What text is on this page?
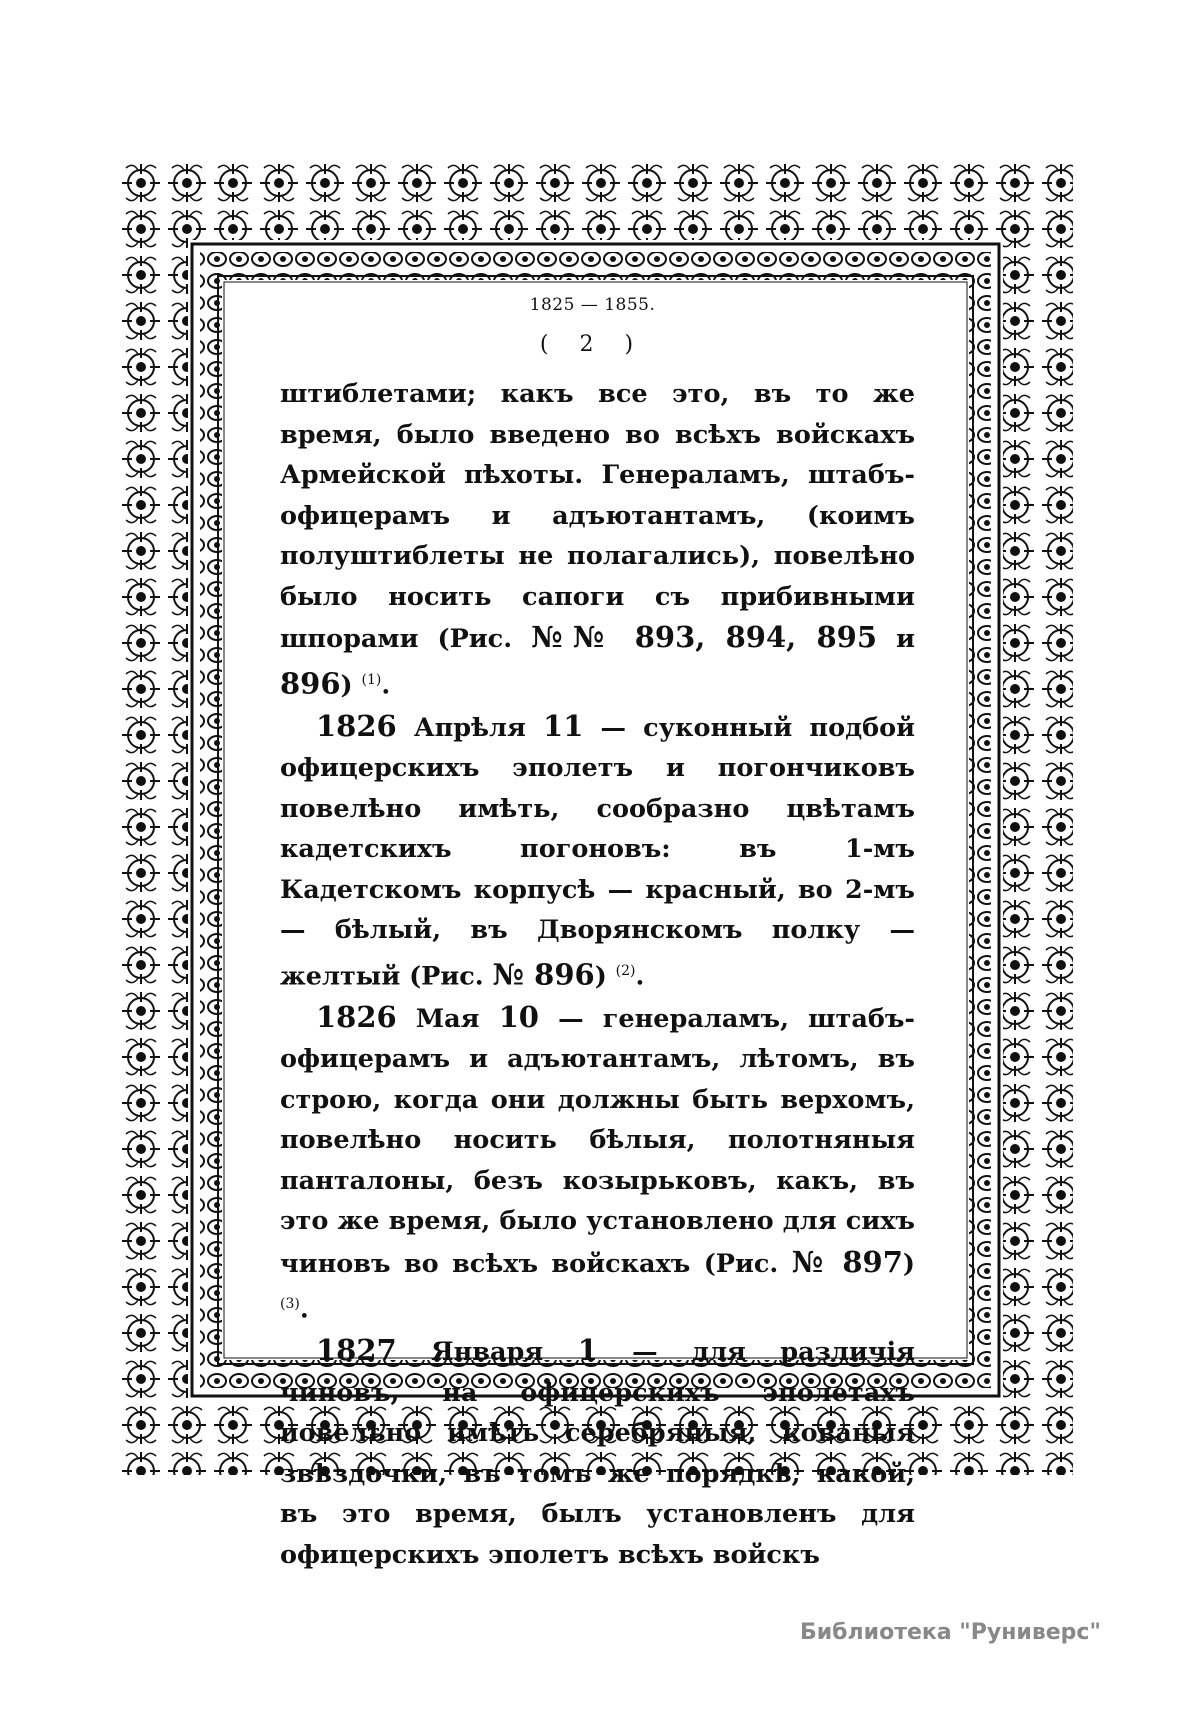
1825 — 1855.
( 2 )

штиблетами; какъ все это, въ то же время, было введено во всѣхъ войскахъ Армейской пѣхоты. Генераламъ, штабъ-офицерамъ и адъютантамъ, (коимъ полуштиблеты не полагались), повелѣно было носить сапоги съ прибивными шпорами (Рис. №№ 893, 894, 895 и 896) $^{(1)}$.

1826 Апрѣля 11 — суконный подбой офицерскихъ эполетъ и погончиковъ повелѣно имѣть, сообразно цвѣтамъ кадетскихъ погоновъ: въ 1-мъ Кадетскомъ корпусѣ — красный, во 2-мъ — бѣлый, въ Дворянскомъ полку — желтый (Рис. № 896) $^{(2)}$.

1826 Мая 10 — генераламъ, штабъ-офицерамъ и адъютантамъ, лѣтомъ, въ строю, когда они должны быть верхомъ, повелѣно носить бѣлыя, полотняныя панталоны, безъ козырьковъ, какъ, въ это же время, было установлено для сихъ чиновъ во всѣхъ войскахъ (Рис. № 897) $^{(3)}$.

1827 Января 1 — для различія чиновъ, на офицерскихъ эполетахъ повелѣно имѣть серебряныя, кованыя звѣздочки, въ томъ же порядкѣ, какой, въ это время, былъ установленъ для офицерскихъ эполетъ всѣхъ войскъ

Библиотека "Руниверс"
